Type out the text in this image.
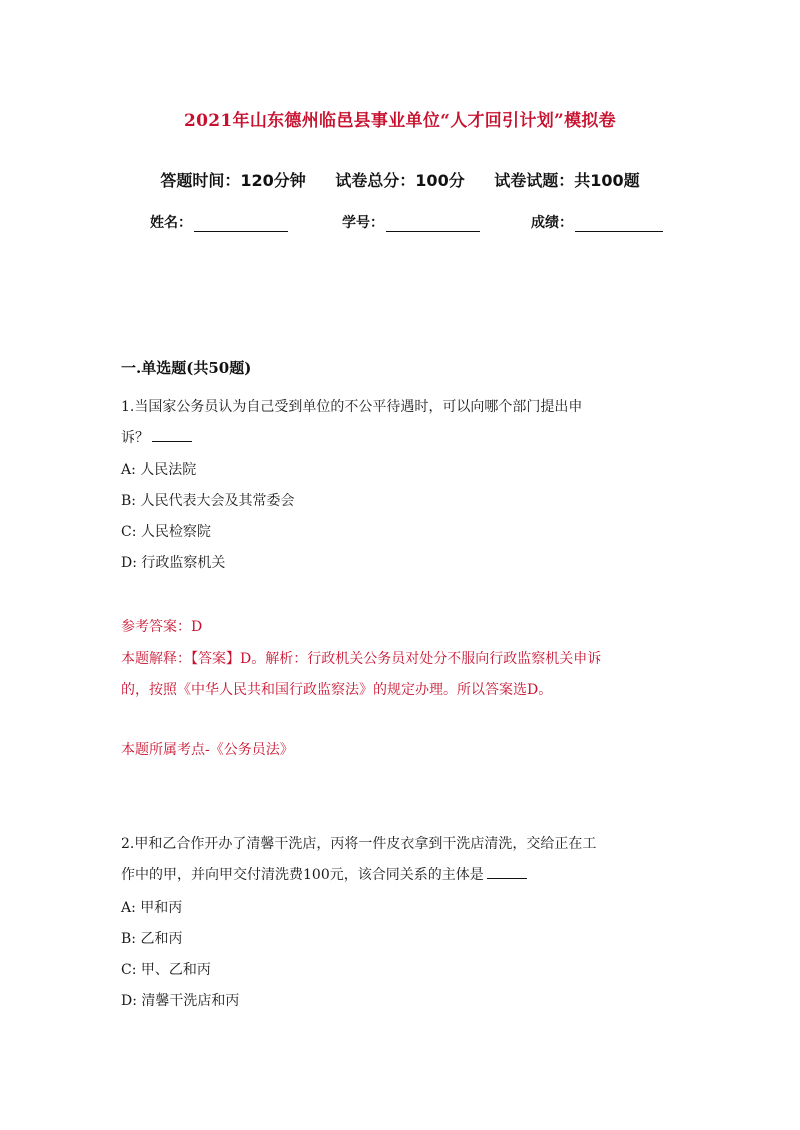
2021年山东德州临邑县事业单位“人才回引计划”模拟卷
答题时间：120分钟 试卷总分：100分 试卷试题：共100题
姓名：	学号：	成绩：
一.单选题(共50题)
1.当国家公务员认为自己受到单位的不公平待遇时，可以向哪个部门提出申
诉？
A: 人民法院
B: 人民代表大会及其常委会
C: 人民检察院
D: 行政监察机关
参考答案：D
本题解释：【答案】D。解析：行政机关公务员对处分不服向行政监察机关申诉
的，按照《中华人民共和国行政监察法》的规定办理。所以答案选D。
本题所属考点-《公务员法》
2.甲和乙合作开办了清馨干洗店，丙将一件皮衣拿到干洗店清洗，交给正在工
作中的甲，并向甲交付清洗费100元，该合同关系的主体是
A: 甲和丙
B: 乙和丙
C: 甲、乙和丙
D: 清馨干洗店和丙
